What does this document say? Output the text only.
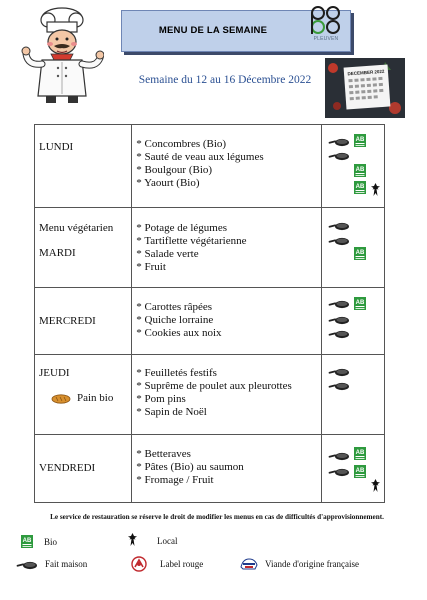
MENU DE LA SEMAINE
PLEUVEN
Semaine du 12 au 16 Décembre 2022
DECEMBER 2022
LUNDI	* Concombres (Bio)
* Sauté de veau aux légumes
* Boulgour (Bio)
* Yaourt (Bio)

Menu végétarien
MARDI	* Potage de légumes
* Tartiflette végétarienne
* Salade verte
* Fruit

MERCREDI	* Carottes râpées
* Quiche lorraine
* Cookies aux noix

JEUDI
Pain bio	* Feuilletés festifs
* Suprême de poulet aux pleurottes
* Pom pins
* Sapin de Noël

VENDREDI	* Betteraves
* Pâtes (Bio) au saumon
* Fromage / Fruit

Le service de restauration se réserve le droit de modifier les menus en cas de difficultés d'approvisionnement.
Bio	Local
Fait maison	Label rouge	Viande d'origine française
